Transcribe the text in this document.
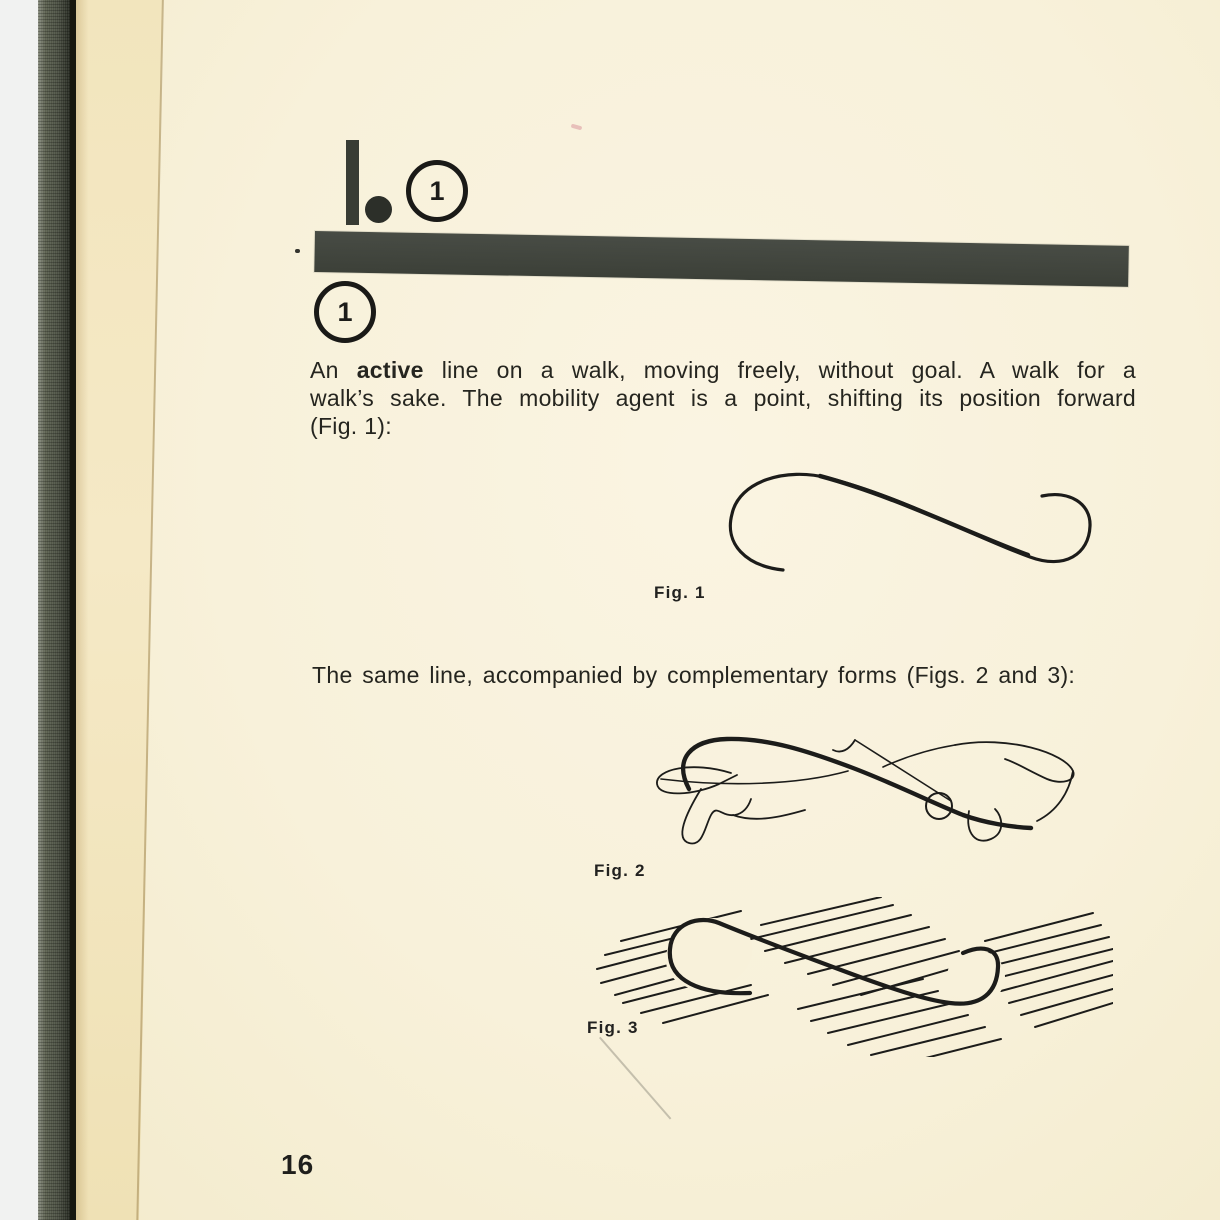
1
1
An active line on a walk, moving freely, without goal. A walk for a
walk’s sake. The mobility agent is a point, shifting its position forward
(Fig. 1):
Fig. 1
Fig. 2
Fig. 3
The same line, accompanied by complementary forms (Figs. 2 and 3):
16
